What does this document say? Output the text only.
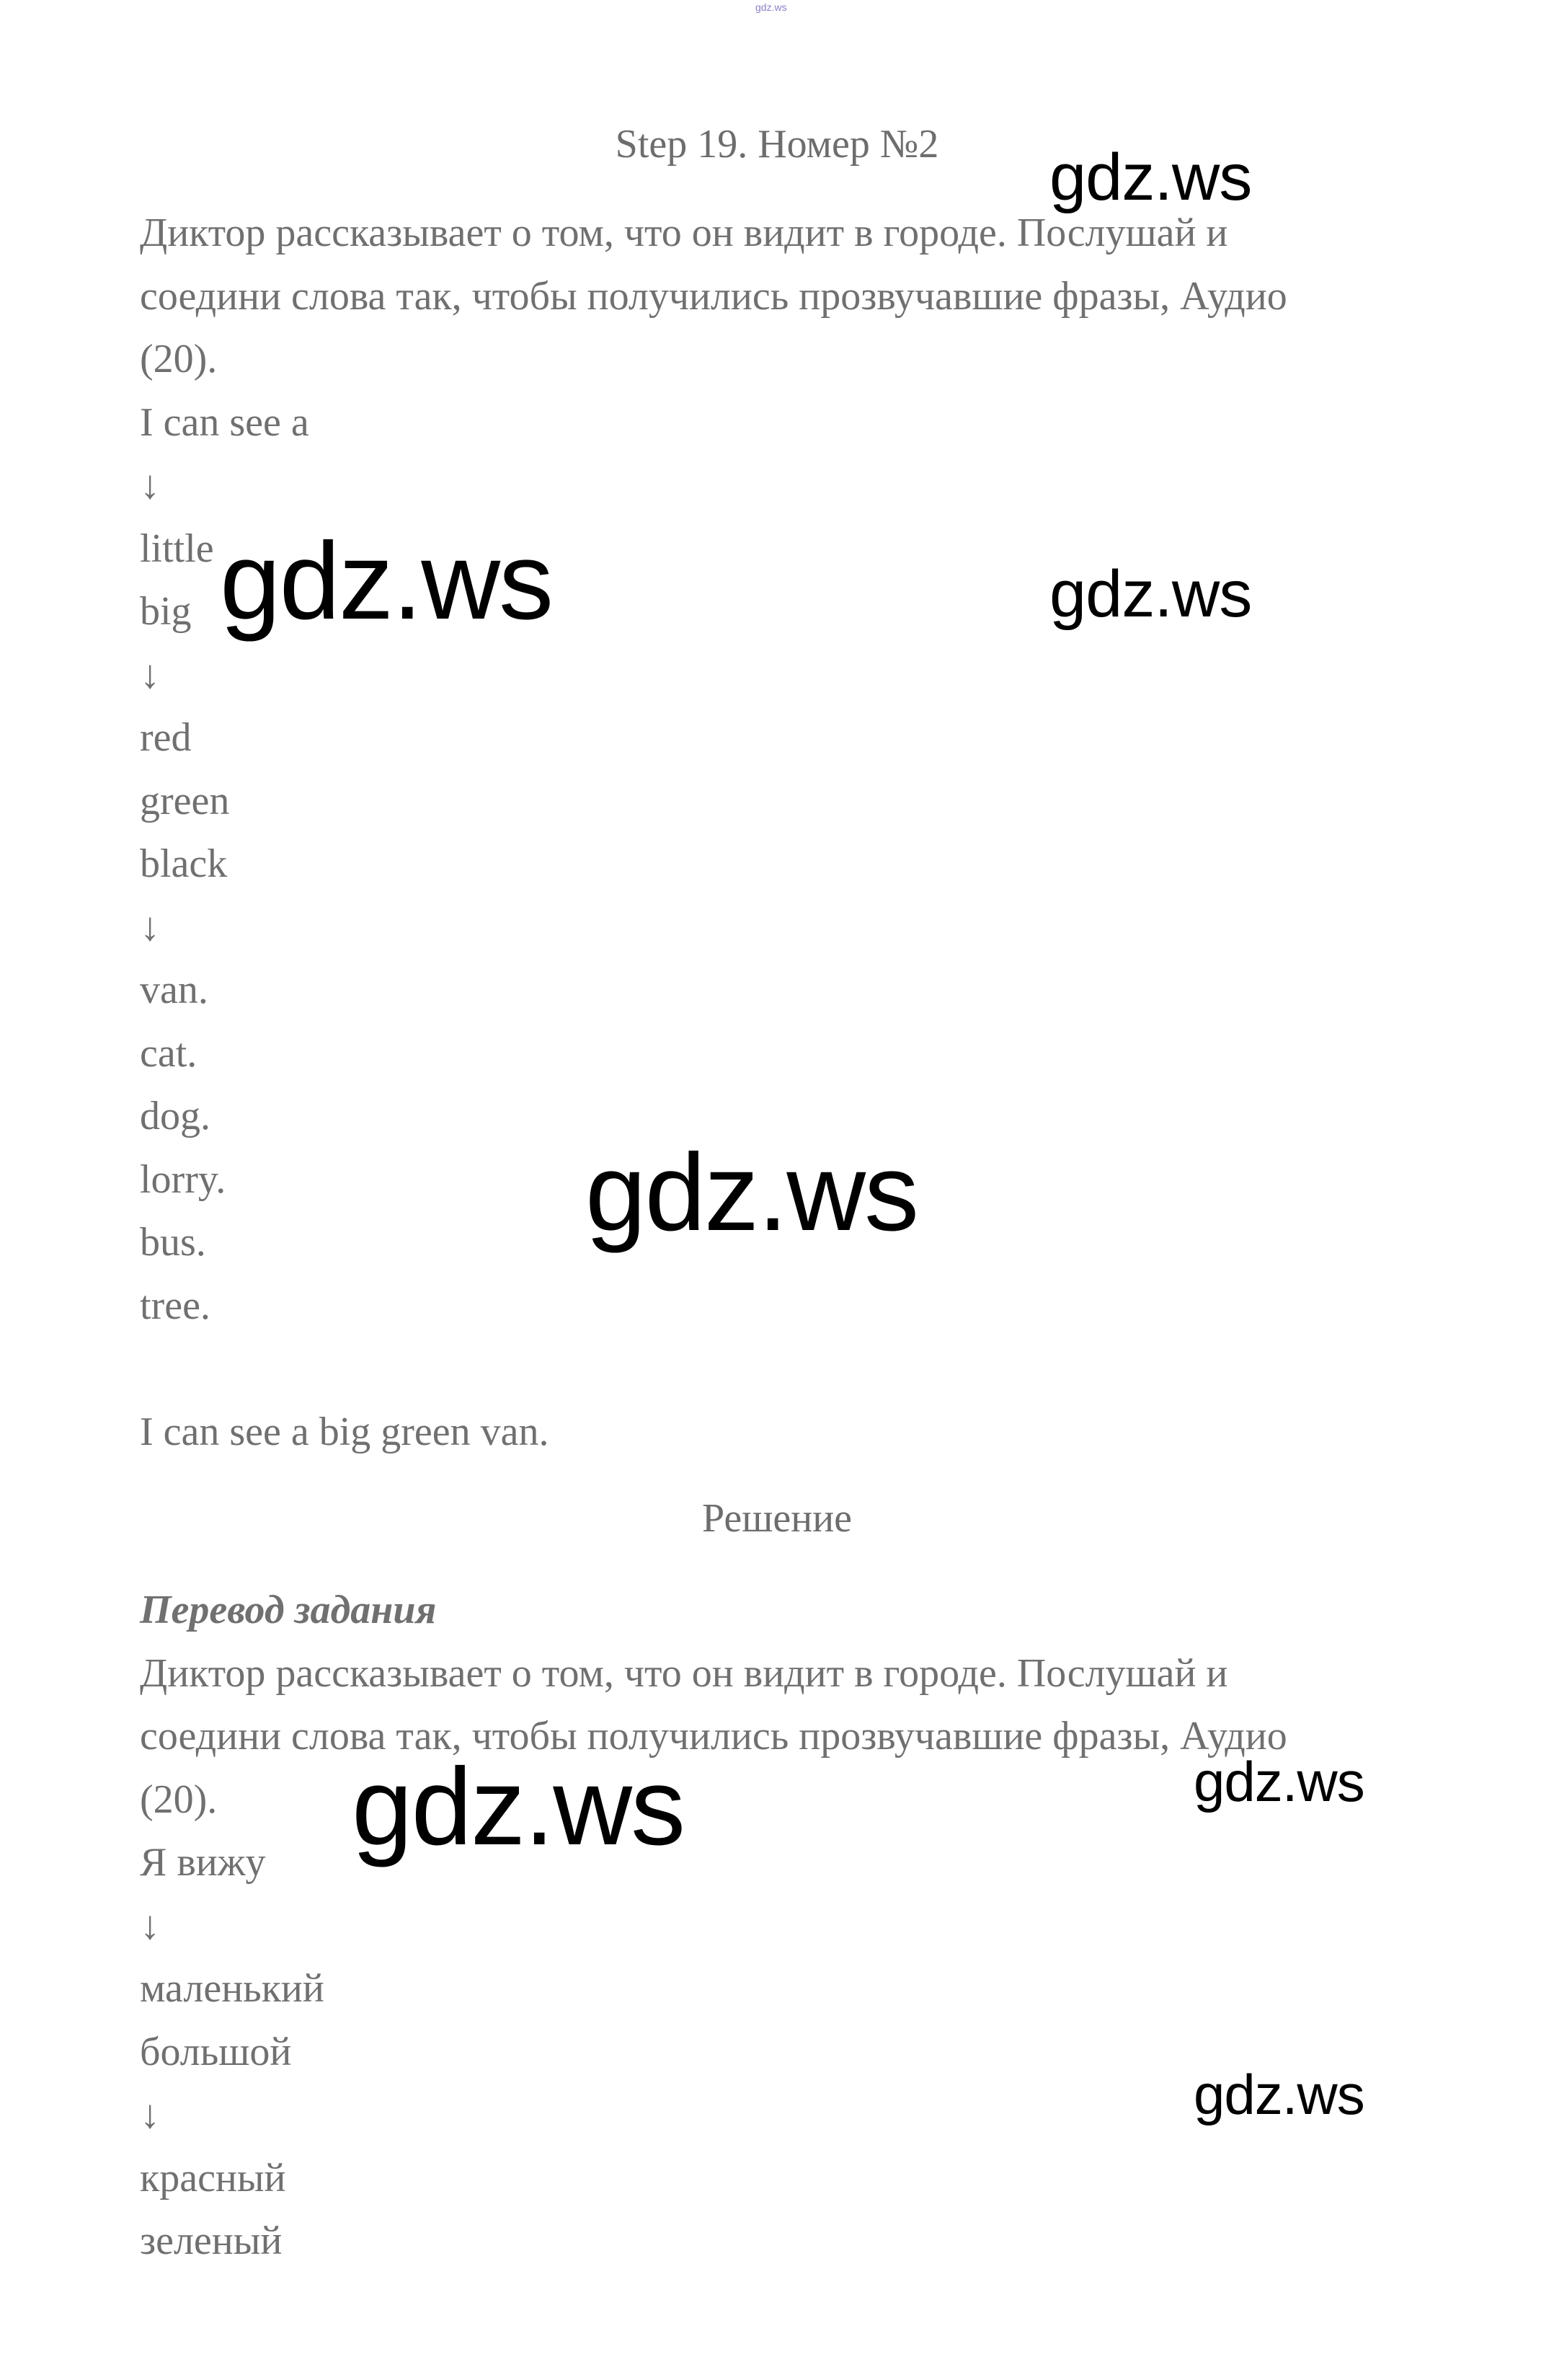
gdz.ws
Step 19. Номер №2
Диктор рассказывает о том, что он видит в городе. Послушай и
соедини слова так, чтобы получились прозвучавшие фразы, Аудио
(20).
I can see a
↓
little
big
↓
red
green
black
↓
van.
cat.
dog.
lorry.
bus.
tree.
I can see a big green van.
Решение
Перевод задания
Диктор рассказывает о том, что он видит в городе. Послушай и
соедини слова так, чтобы получились прозвучавшие фразы, Аудио
(20).
Я вижу
↓
маленький
большой
↓
красный
зеленый
gdz.ws
gdz.ws	gdz.ws
gdz.ws
gdz.ws
gdz.ws
gdz.ws
